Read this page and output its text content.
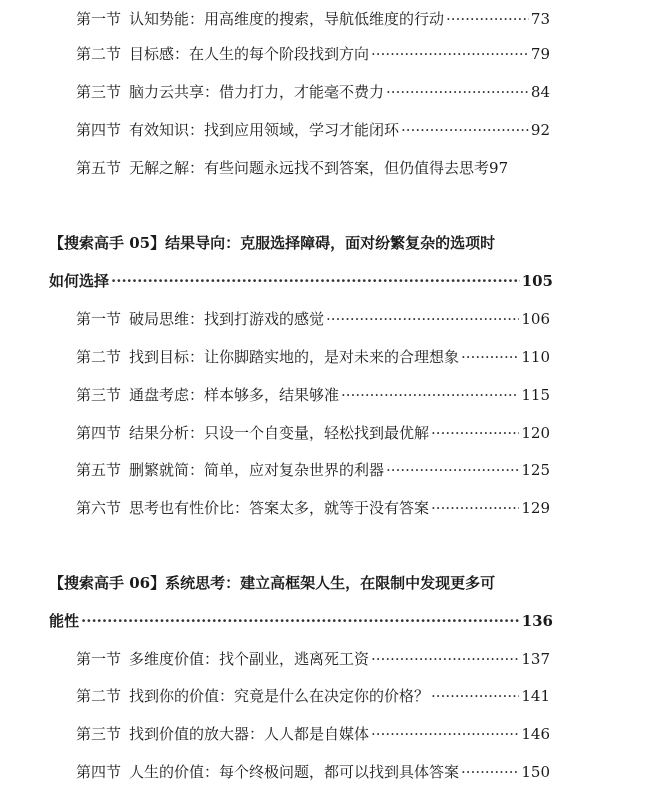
第一节 认知势能：用高维度的搜索，导航低维度的行动 ·····	73
第二节 目标感：在人生的每个阶段找到方向 ·····	79
第三节 脑力云共享：借力打力，才能毫不费力 ·····	84
第四节 有效知识：找到应用领域，学习才能闭环 ·····	92
第五节 无解之解：有些问题永远找不到答案，但仍值得去思考 97
【搜索高手 05】结果导向：克服选择障碍，面对纷繁复杂的选项时
如何选择 ·····	105
第一节 破局思维：找到打游戏的感觉 ·····	106
第二节 找到目标：让你脚踏实地的，是对未来的合理想象 ·····	110
第三节 通盘考虑：样本够多，结果够准 ·····	115
第四节 结果分析：只设一个自变量，轻松找到最优解 ·····	120
第五节 删繁就简：简单，应对复杂世界的利器 ·····	125
第六节 思考也有性价比：答案太多，就等于没有答案 ·····	129
【搜索高手 06】系统思考：建立高框架人生，在限制中发现更多可
能性 ·····	136
第一节 多维度价值：找个副业，逃离死工资 ·····	137
第二节 找到你的价值：究竟是什么在决定你的价格？ ·····	141
第三节 找到价值的放大器：人人都是自媒体 ·····	146
第四节 人生的价值：每个终极问题，都可以找到具体答案 ·····	150
